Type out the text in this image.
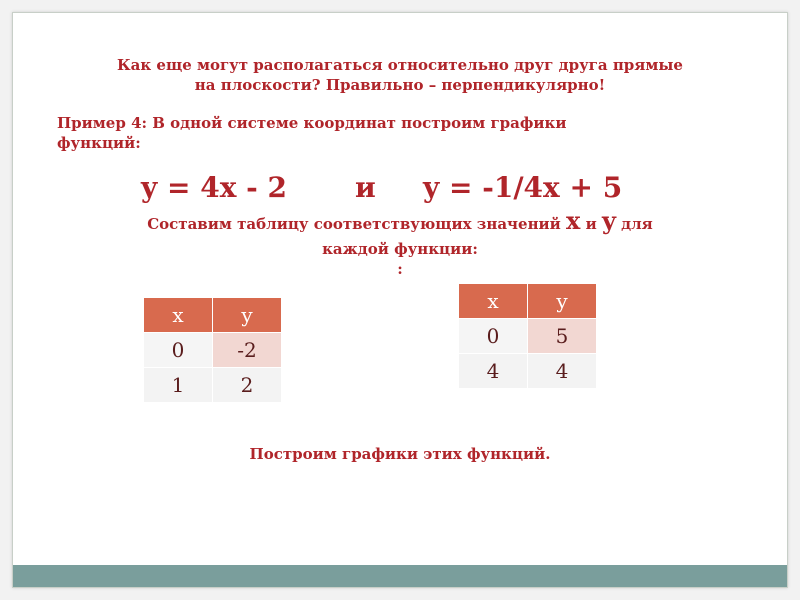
Как еще могут располагаться относительно друг друга прямые
на плоскости? Правильно – перпендикулярно!
Пример 4: В одной системе координат построим графики
функций:
y = 4x - 2 и y = -1/4x + 5
Составим таблицу соответствующих значений x и y для
каждой функции:
:
x	y
0	-2
1	2
x	y
0	5
4	4
Построим графики этих функций.
